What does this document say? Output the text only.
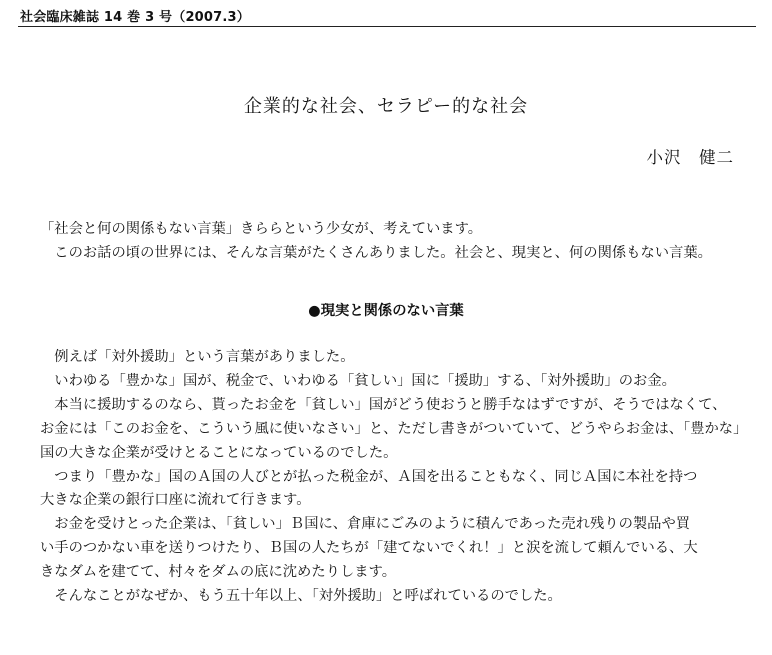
社会臨床雑誌 14 巻 3 号（2007.3）
企業的な社会、セラピー的な社会
小沢　健二

「社会と何の関係もない言葉」きららという少女が、考えています。

　このお話の頃の世界には、そんな言葉がたくさんありました。社会と、現実と、何の関係もない言葉。

●現実と関係のない言葉

　例えば「対外援助」という言葉がありました。

　いわゆる「豊かな」国が、税金で、いわゆる「貧しい」国に「援助」する、「対外援助」のお金。

　本当に援助するのなら、貰ったお金を「貧しい」国がどう使おうと勝手なはずですが、そうではなくて、

お金には「このお金を、こういう風に使いなさい」と、ただし書きがついていて、どうやらお金は、「豊かな」

国の大きな企業が受けとることになっているのでした。

　つまり「豊かな」国のＡ国の人びとが払った税金が、Ａ国を出ることもなく、同じＡ国に本社を持つ

大きな企業の銀行口座に流れて行きます。

　お金を受けとった企業は、「貧しい」Ｂ国に、倉庫にごみのように積んであった売れ残りの製品や買

い手のつかない車を送りつけたり、Ｂ国の人たちが「建てないでくれ！」と涙を流して頼んでいる、大

きなダムを建てて、村々をダムの底に沈めたりします。

　そんなことがなぜか、もう五十年以上、「対外援助」と呼ばれているのでした。
